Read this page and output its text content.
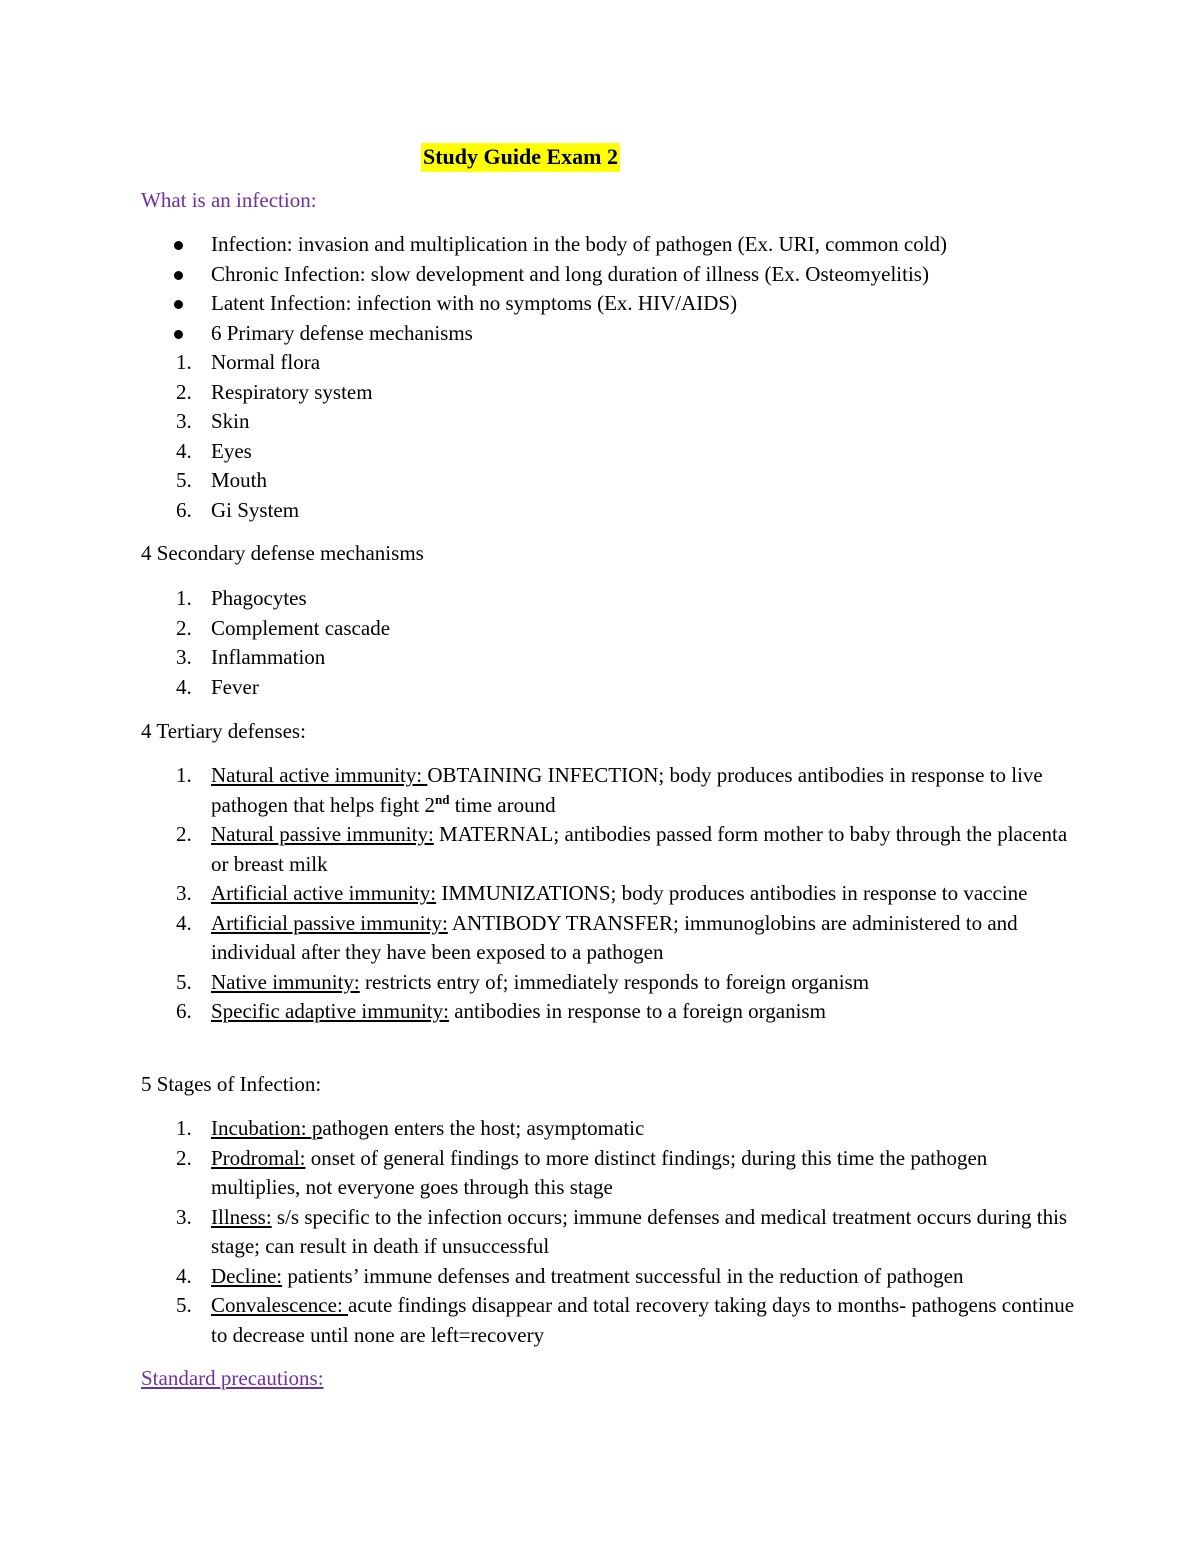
Study Guide Exam 2
What is an infection:
Infection: invasion and multiplication in the body of pathogen (Ex. URI, common cold)
Chronic Infection: slow development and long duration of illness (Ex. Osteomyelitis)
Latent Infection: infection with no symptoms (Ex. HIV/AIDS)
6 Primary defense mechanisms
1. Normal flora
2. Respiratory system
3. Skin
4. Eyes
5. Mouth
6. Gi System
4 Secondary defense mechanisms
1. Phagocytes
2. Complement cascade
3. Inflammation
4. Fever
4 Tertiary defenses:
1. Natural active immunity: OBTAINING INFECTION; body produces antibodies in response to live pathogen that helps fight 2nd time around
2. Natural passive immunity: MATERNAL; antibodies passed form mother to baby through the placenta or breast milk
3. Artificial active immunity: IMMUNIZATIONS; body produces antibodies in response to vaccine
4. Artificial passive immunity: ANTIBODY TRANSFER; immunoglobins are administered to and individual after they have been exposed to a pathogen
5. Native immunity: restricts entry of; immediately responds to foreign organism
6. Specific adaptive immunity: antibodies in response to a foreign organism
5 Stages of Infection:
1. Incubation: pathogen enters the host; asymptomatic
2. Prodromal: onset of general findings to more distinct findings; during this time the pathogen multiplies, not everyone goes through this stage
3. Illness: s/s specific to the infection occurs; immune defenses and medical treatment occurs during this stage; can result in death if unsuccessful
4. Decline: patients’ immune defenses and treatment successful in the reduction of pathogen
5. Convalescence: acute findings disappear and total recovery taking days to months- pathogens continue to decrease until none are left=recovery
Standard precautions:
